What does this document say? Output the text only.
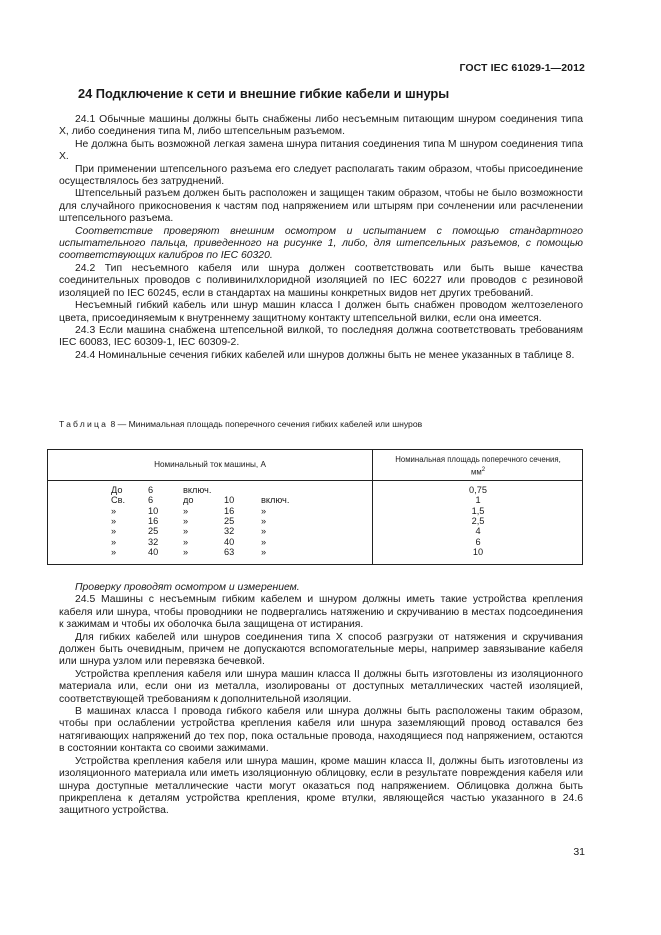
ГОСТ IEC 61029-1—2012
24 Подключение к сети и внешние гибкие кабели и шнуры

24.1 Обычные машины должны быть снабжены либо несъемным питающим шнуром соединения типа X, либо соединения типа M, либо штепсельным разъемом.

Не должна быть возможной легкая замена шнура питания соединения типа M шнуром соединения типа X.

При применении штепсельного разъема его следует располагать таким образом, чтобы присоединение осуществлялось без затруднений.

Штепсельный разъем должен быть расположен и защищен таким образом, чтобы не было возможности для случайного прикосновения к частям под напряжением или штырям при сочленении или расчленении штепсельного разъема.

Соответствие проверяют внешним осмотром и испытанием с помощью стандартного испытательного пальца, приведенного на рисунке 1, либо, для штепсельных разъемов, с помощью соответствующих калибров по IEC 60320.

24.2 Тип несъемного кабеля или шнура должен соответствовать или быть выше качества соединительных проводов с поливинилхлоридной изоляцией по IEC 60227 или проводов с резиновой изоляцией по IEC 60245, если в стандартах на машины конкретных видов нет других требований.

Несъемный гибкий кабель или шнур машин класса I должен быть снабжен проводом желтозеленого цвета, присоединяемым к внутреннему защитному контакту штепсельной вилки, если она имеется.

24.3 Если машина снабжена штепсельной вилкой, то последняя должна соответствовать требованиям IEC 60083, IEC 60309-1, IEC 60309-2.

24.4 Номинальные сечения гибких кабелей или шнуров должны быть не менее указанных в таблице 8.

Таблица 8 — Минимальная площадь поперечного сечения гибких кабелей или шнуров
Номинальный ток машины, А
Номинальная площадь поперечного сечения,
$мм^2$
До	6	включ.	0,75
Св. 6	до	10	включ.	1
»	10	»	16	»	1,5
»	16	»	25	»	2,5
»	25	»	32	»	4
»	32	»	40	»	6
»	40	»	63	»	10

Проверку проводят осмотром и измерением.

24.5 Машины с несъемным гибким кабелем и шнуром должны иметь такие устройства крепления кабеля или шнура, чтобы проводники не подвергались натяжению и скручиванию в местах подсоединения к зажимам и чтобы их оболочка была защищена от истирания.

Для гибких кабелей или шнуров соединения типа X способ разгрузки от натяжения и скручивания должен быть очевидным, причем не допускаются вспомогательные меры, например завязывание кабеля или шнура узлом или перевязка бечевкой.

Устройства крепления кабеля или шнура машин класса II должны быть изготовлены из изоляционного материала или, если они из металла, изолированы от доступных металлических частей изоляцией, соответствующей требованиям к дополнительной изоляции.

В машинах класса I провода гибкого кабеля или шнура должны быть расположены таким образом, чтобы при ослаблении устройства крепления кабеля или шнура заземляющий провод оставался без натягивающих напряжений до тех пор, пока остальные провода, находящиеся под напряжением, остаются в состоянии контакта со своими зажимами.

Устройства крепления кабеля или шнура машин, кроме машин класса II, должны быть изготовлены из изоляционного материала или иметь изоляционную облицовку, если в результате повреждения кабеля или шнура доступные металлические части могут оказаться под напряжением. Облицовка должна быть прикреплена к деталям устройства крепления, кроме втулки, являющейся частью указанного в 24.6 защитного устройства.

31
